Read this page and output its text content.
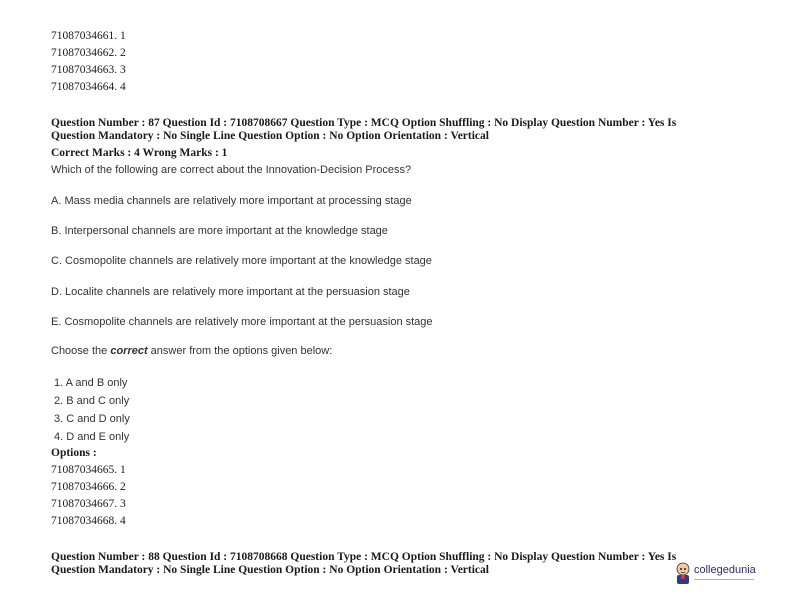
71087034661. 1
71087034662. 2
71087034663. 3
71087034664. 4
Question Number : 87 Question Id : 7108708667 Question Type : MCQ Option Shuffling : No Display Question Number : Yes Is Question Mandatory : No Single Line Question Option : No Option Orientation : Vertical
Correct Marks : 4 Wrong Marks : 1
Which of the following are correct about the Innovation-Decision Process?
A. Mass media channels are relatively more important at processing stage
B. Interpersonal channels are more important at the knowledge stage
C. Cosmopolite channels are relatively more important at the knowledge stage
D. Localite channels are relatively more important at the persuasion stage
E. Cosmopolite channels are relatively more important at the persuasion stage
Choose the correct answer from the options given below:
1. A and B only
2. B and C only
3. C and D only
4. D and E only
Options :
71087034665. 1
71087034666. 2
71087034667. 3
71087034668. 4
Question Number : 88 Question Id : 7108708668 Question Type : MCQ Option Shuffling : No Display Question Number : Yes Is Question Mandatory : No Single Line Question Option : No Option Orientation : Vertical	collegedunia
